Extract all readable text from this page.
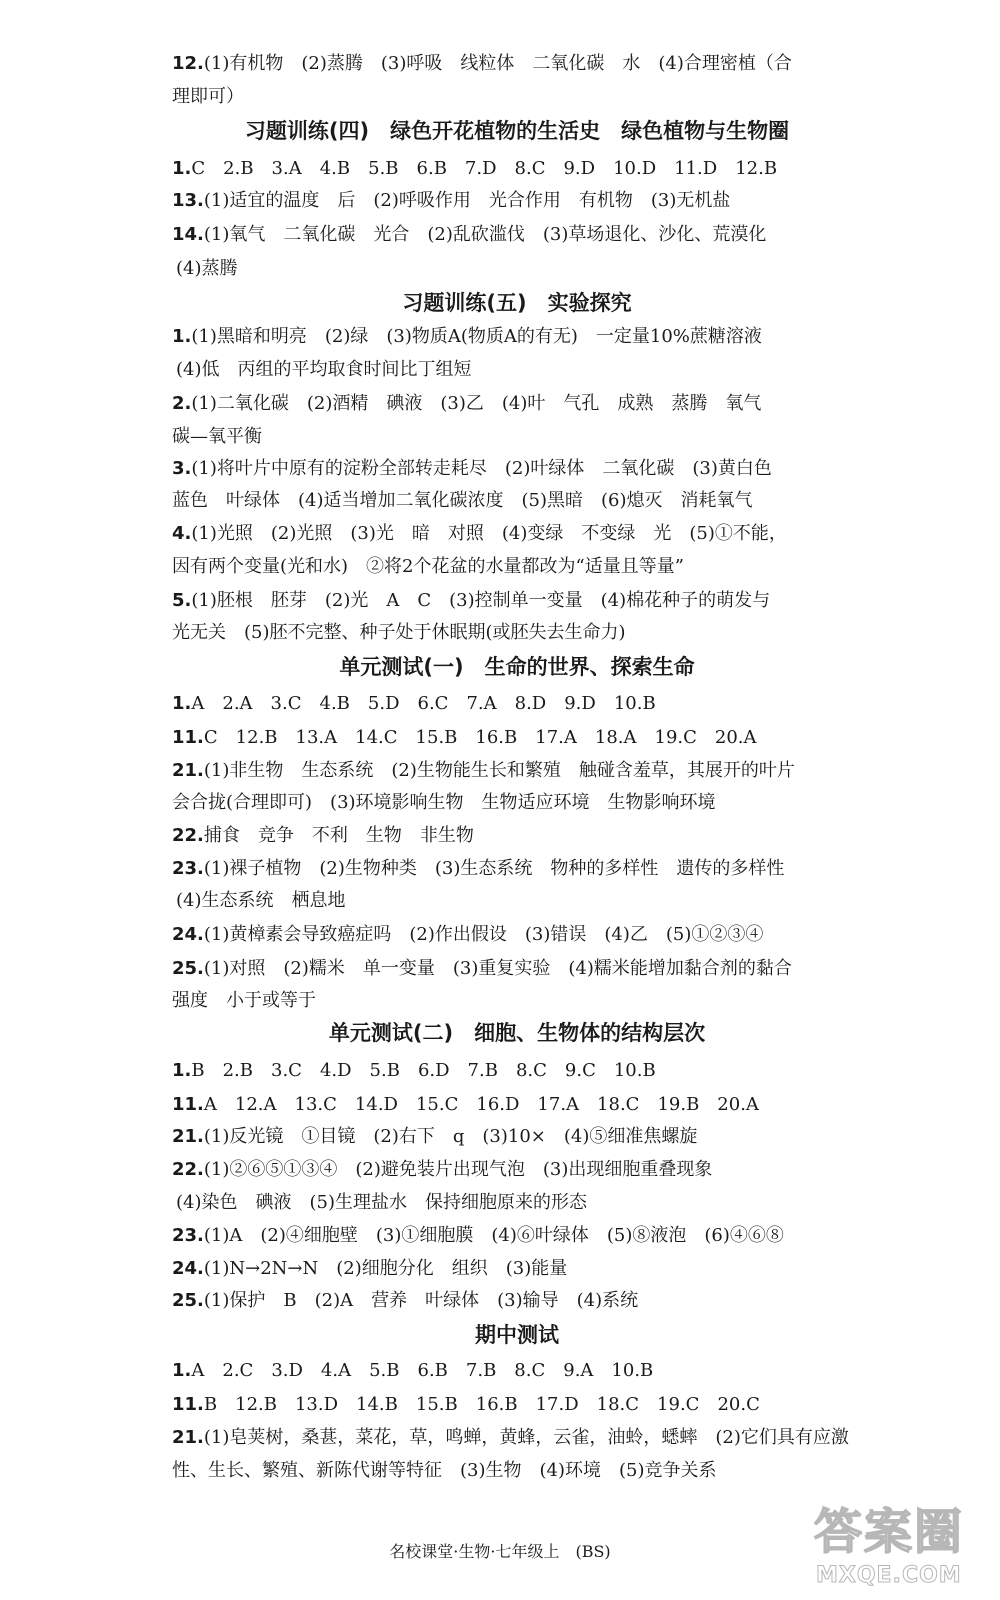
12.(1)有机物　(2)蒸腾　(3)呼吸　线粒体　二氧化碳　水　(4)合理密植（合
理即可）
习题训练(四)　绿色开花植物的生活史　绿色植物与生物圈
1.C　2.B　3.A　4.B　5.B　6.B　7.D　8.C　9.D　10.D　11.D　12.B
13.(1)适宜的温度　后　(2)呼吸作用　光合作用　有机物　(3)无机盐
14.(1)氧气　二氧化碳　光合　(2)乱砍滥伐　(3)草场退化、沙化、荒漠化
(4)蒸腾
习题训练(五)　实验探究
1.(1)黑暗和明亮　(2)绿　(3)物质A(物质A的有无)　一定量10%蔗糖溶液
(4)低　丙组的平均取食时间比丁组短
2.(1)二氧化碳　(2)酒精　碘液　(3)乙　(4)叶　气孔　成熟　蒸腾　氧气
碳—氧平衡
3.(1)将叶片中原有的淀粉全部转走耗尽　(2)叶绿体　二氧化碳　(3)黄白色
蓝色　叶绿体　(4)适当增加二氧化碳浓度　(5)黑暗　(6)熄灭　消耗氧气
4.(1)光照　(2)光照　(3)光　暗　对照　(4)变绿　不变绿　光　(5)①不能，
因有两个变量(光和水)　②将2个花盆的水量都改为“适量且等量”
5.(1)胚根　胚芽　(2)光　A　C　(3)控制单一变量　(4)棉花种子的萌发与
光无关　(5)胚不完整、种子处于休眠期(或胚失去生命力)
单元测试(一)　生命的世界、探索生命
1.A　2.A　3.C　4.B　5.D　6.C　7.A　8.D　9.D　10.B
11.C　12.B　13.A　14.C　15.B　16.B　17.A　18.A　19.C　20.A
21.(1)非生物　生态系统　(2)生物能生长和繁殖　触碰含羞草，其展开的叶片
会合拢(合理即可)　(3)环境影响生物　生物适应环境　生物影响环境
22.捕食　竞争　不利　生物　非生物
23.(1)裸子植物　(2)生物种类　(3)生态系统　物种的多样性　遗传的多样性
(4)生态系统　栖息地
24.(1)黄樟素会导致癌症吗　(2)作出假设　(3)错误　(4)乙　(5)①②③④
25.(1)对照　(2)糯米　单一变量　(3)重复实验　(4)糯米能增加黏合剂的黏合
强度　小于或等于
单元测试(二)　细胞、生物体的结构层次
1.B　2.B　3.C　4.D　5.B　6.D　7.B　8.C　9.C　10.B
11.A　12.A　13.C　14.D　15.C　16.D　17.A　18.C　19.B　20.A
21.(1)反光镜　①目镜　(2)右下　q　(3)10×　(4)⑤细准焦螺旋
22.(1)②⑥⑤①③④　(2)避免装片出现气泡　(3)出现细胞重叠现象
(4)染色　碘液　(5)生理盐水　保持细胞原来的形态
23.(1)A　(2)④细胞壁　(3)①细胞膜　(4)⑥叶绿体　(5)⑧液泡　(6)④⑥⑧
24.(1)N→2N→N　(2)细胞分化　组织　(3)能量
25.(1)保护　B　(2)A　营养　叶绿体　(3)输导　(4)系统
期中测试
1.A　2.C　3.D　4.A　5.B　6.B　7.B　8.C　9.A　10.B
11.B　12.B　13.D　14.B　15.B　16.B　17.D　18.C　19.C　20.C
21.(1)皂荚树，桑葚，菜花，草，鸣蝉，黄蜂，云雀，油蛉，蟋蟀　(2)它们具有应激
性、生长、繁殖、新陈代谢等特征　(3)生物　(4)环境　(5)竞争关系
名校课堂·生物·七年级上　(BS)	答案圈
MXQE.COM
